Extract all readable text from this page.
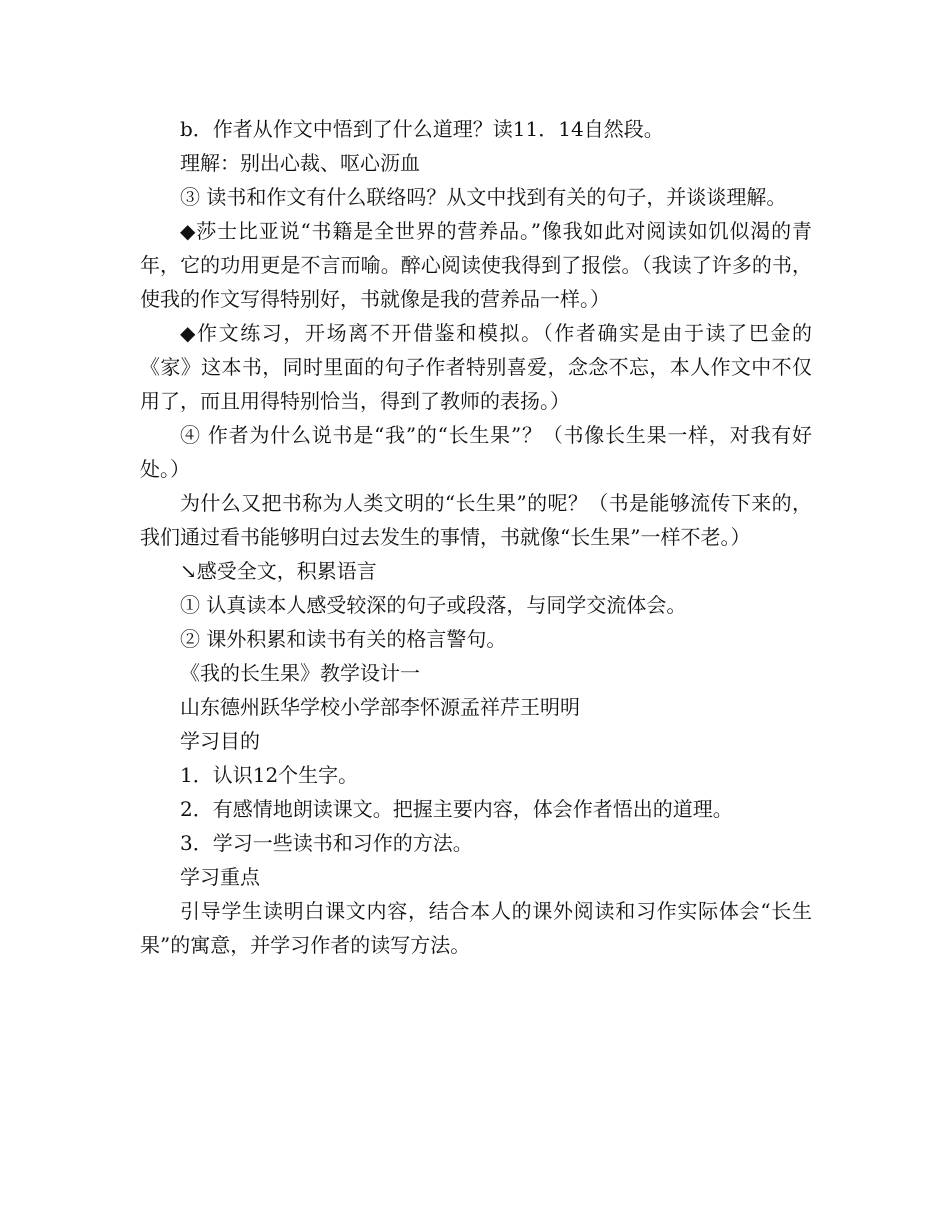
b．作者从作文中悟到了什么道理？读11．14自然段。

理解：别出心裁、呕心沥血

③ 读书和作文有什么联络吗？从文中找到有关的句子，并谈谈理解。

◆莎士比亚说“书籍是全世界的营养品。”像我如此对阅读如饥似渴的青年，它的功用更是不言而喻。醉心阅读使我得到了报偿。（我读了许多的书，使我的作文写得特别好，书就像是我的营养品一样。）

◆作文练习，开场离不开借鉴和模拟。（作者确实是由于读了巴金的《家》这本书，同时里面的句子作者特别喜爱，念念不忘，本人作文中不仅用了，而且用得特别恰当，得到了教师的表扬。）

④ 作者为什么说书是“我”的“长生果”？（书像长生果一样，对我有好处。）

为什么又把书称为人类文明的“长生果”的呢？（书是能够流传下来的，我们通过看书能够明白过去发生的事情，书就像“长生果”一样不老。）

↘感受全文，积累语言

① 认真读本人感受较深的句子或段落，与同学交流体会。

② 课外积累和读书有关的格言警句。

《我的长生果》教学设计一

山东德州跃华学校小学部李怀源孟祥芹王明明

学习目的

1．认识12个生字。

2．有感情地朗读课文。把握主要内容，体会作者悟出的道理。

3．学习一些读书和习作的方法。

学习重点

引导学生读明白课文内容，结合本人的课外阅读和习作实际体会“长生果”的寓意，并学习作者的读写方法。
